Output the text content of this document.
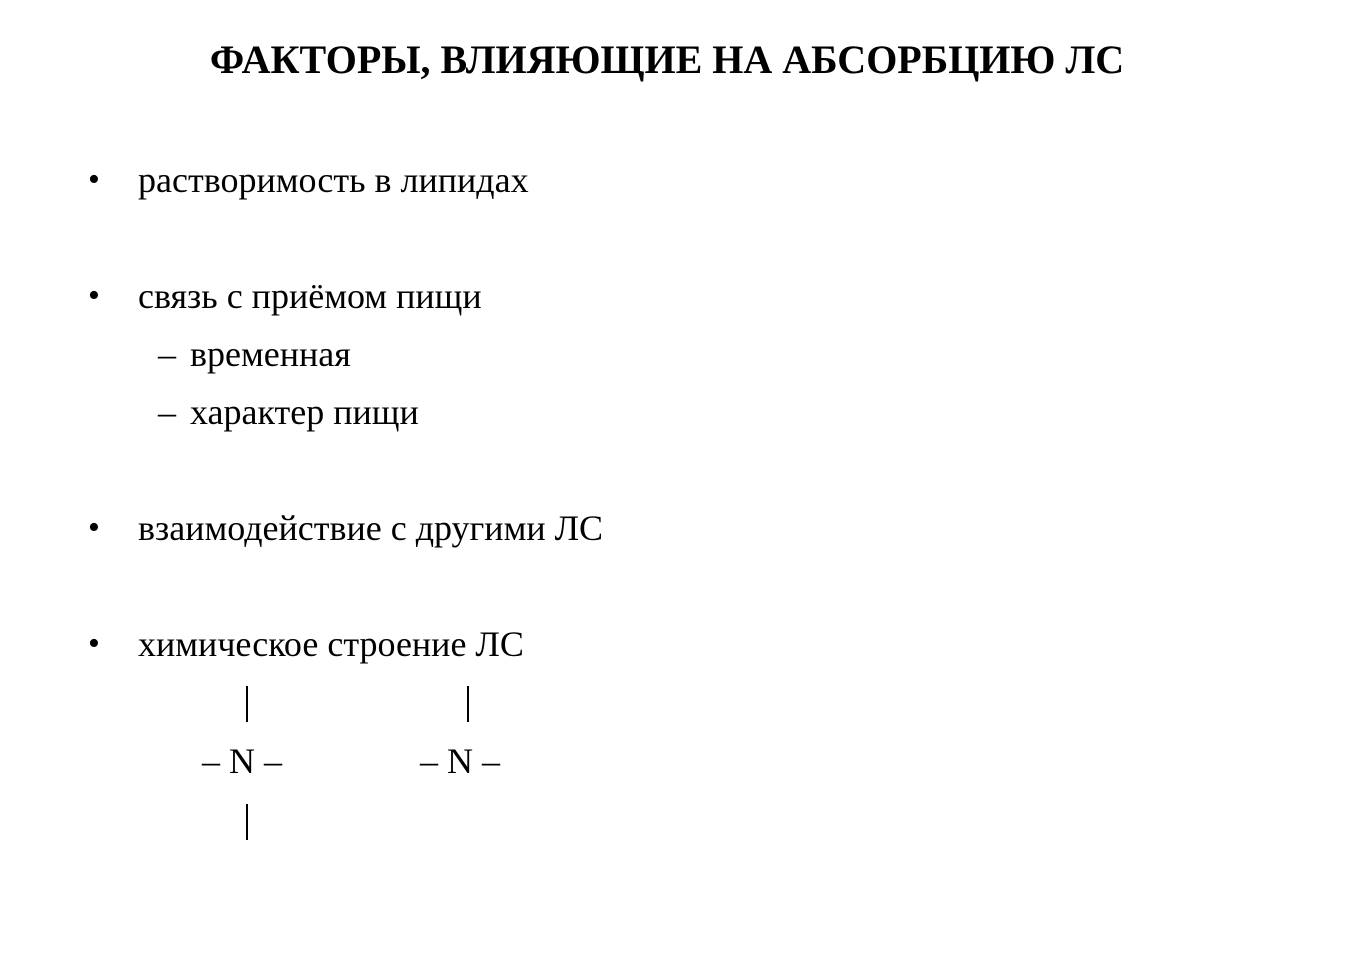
ФАКТОРЫ, ВЛИЯЮЩИЕ НА АБСОРБЦИЮ ЛС
• растворимость в липидах
• связь с приёмом пищи
– временная
– характер пищи
• взаимодействие с другими ЛС
• химическое строение ЛС
– N –	– N –
